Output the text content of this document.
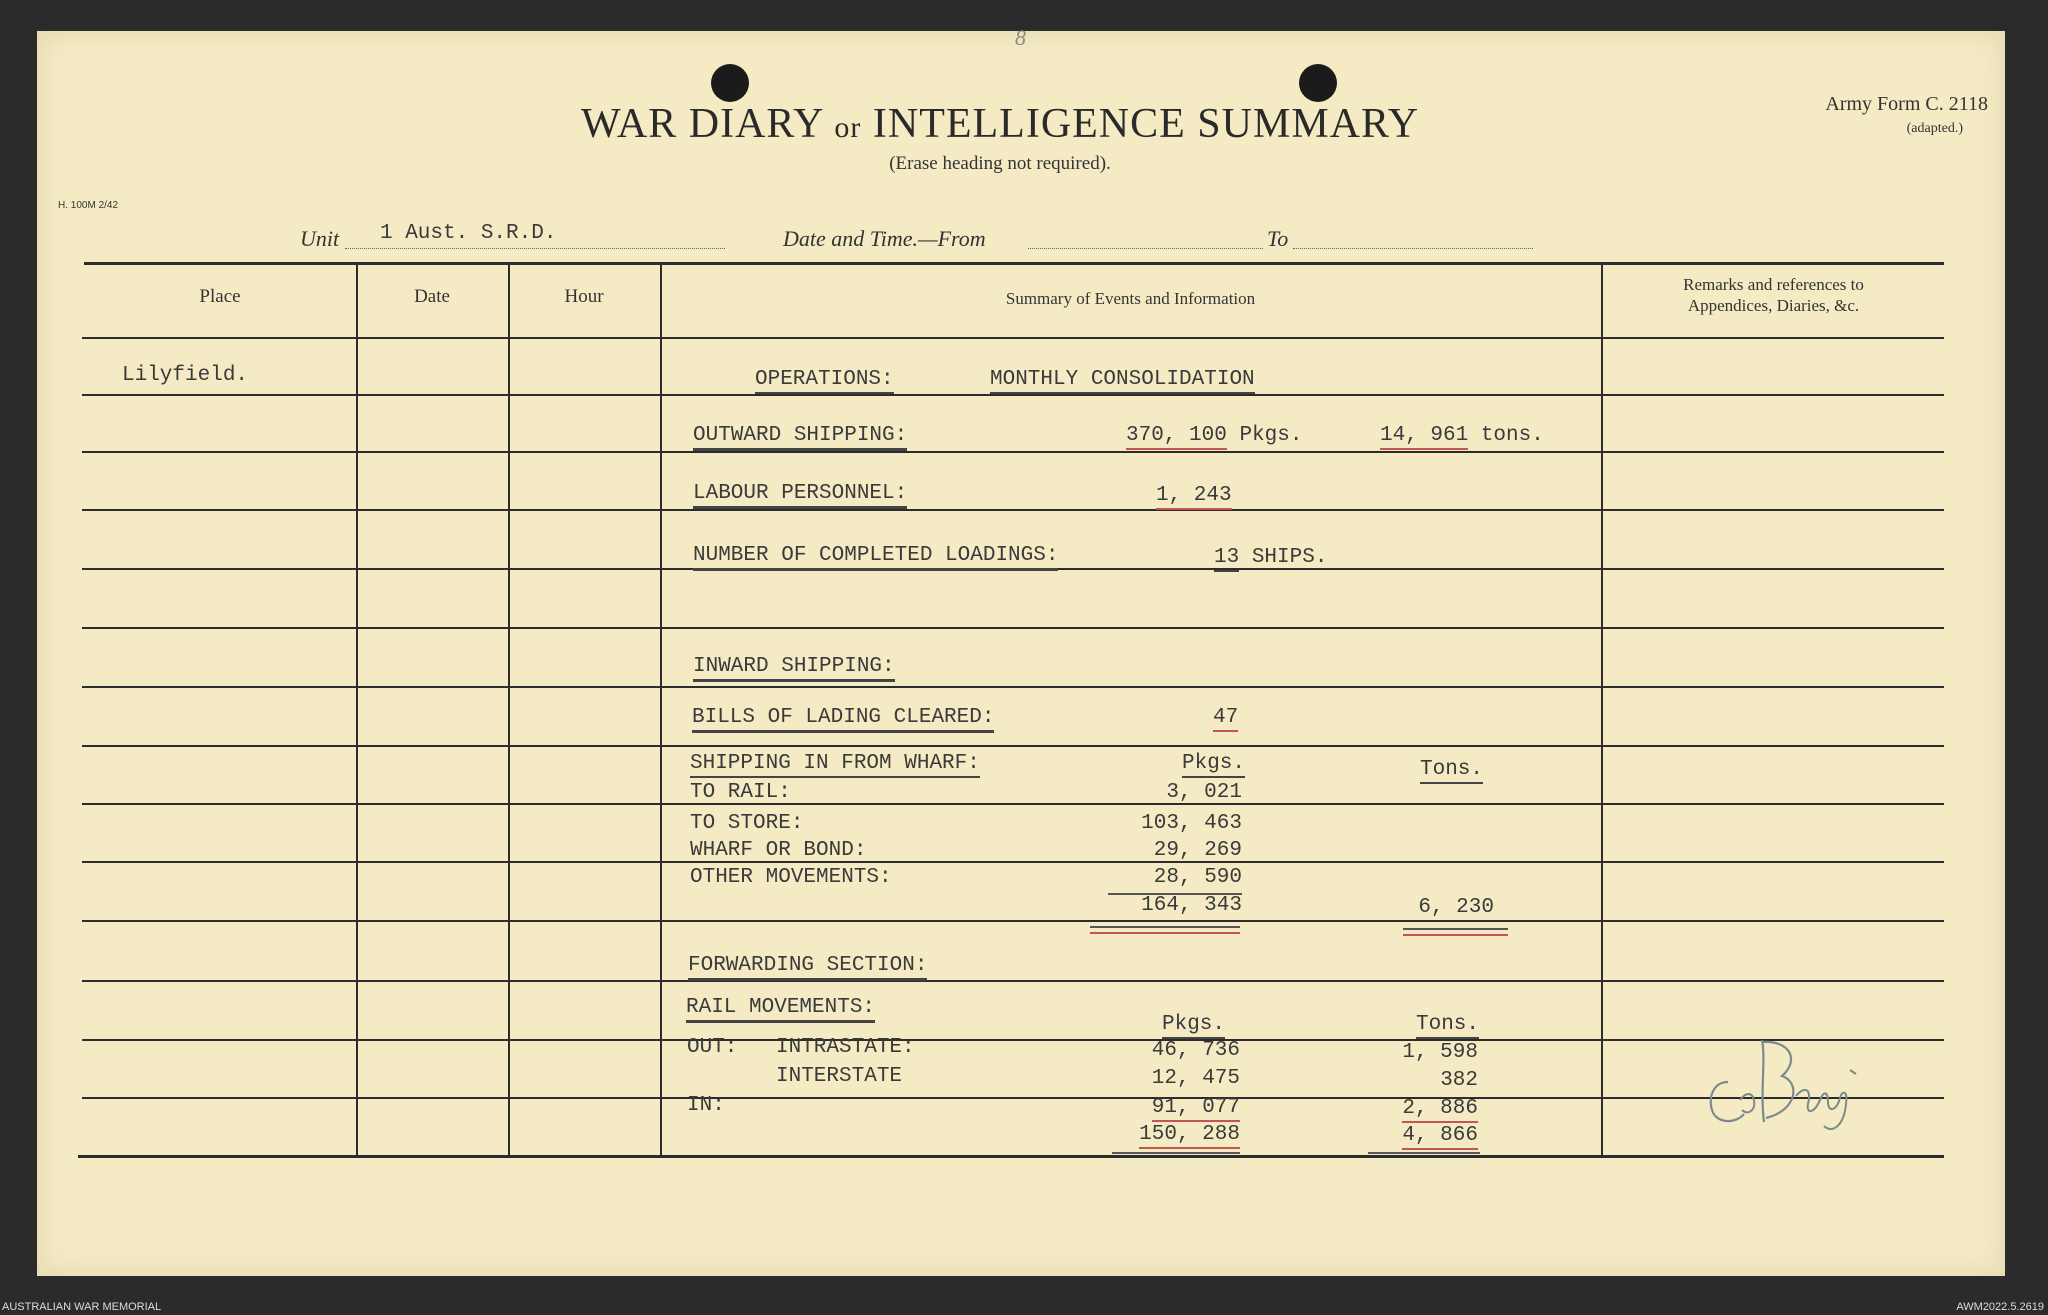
8
WAR DIARY or INTELLIGENCE SUMMARY
(Erase heading not required).
Army Form C. 2118
(adapted.)
H. 100M 2/42
Unit 1 Aust. S.R.D.	Date and Time.—From	To
Place	Date	Hour	Summary of Events and Information
Remarks and references to
Appendices, Diaries, &c.
Lilyfield.	OPERATIONS:	MONTHLY CONSOLIDATION
OUTWARD SHIPPING:	370, 100 Pkgs.	14, 961 tons.
LABOUR PERSONNEL:	1, 243
NUMBER OF COMPLETED LOADINGS:	13 SHIPS.
INWARD SHIPPING:
BILLS OF LADING CLEARED:	47
SHIPPING IN FROM WHARF:	Pkgs.	Tons.
TO RAIL:	3, 021
TO STORE:	103, 463
WHARF OR BOND:	29, 269
OTHER MOVEMENTS:	28, 590
164, 343	6, 230
FORWARDING SECTION:
RAIL MOVEMENTS:
Pkgs.	Tons.
OUT: INTRASTATE:	46, 736	1, 598
INTERSTATE	12, 475	382
IN:	91, 077	2, 886
150, 288	4, 866
AUSTRALIAN WAR MEMORIAL	AWM2022.5.2619
